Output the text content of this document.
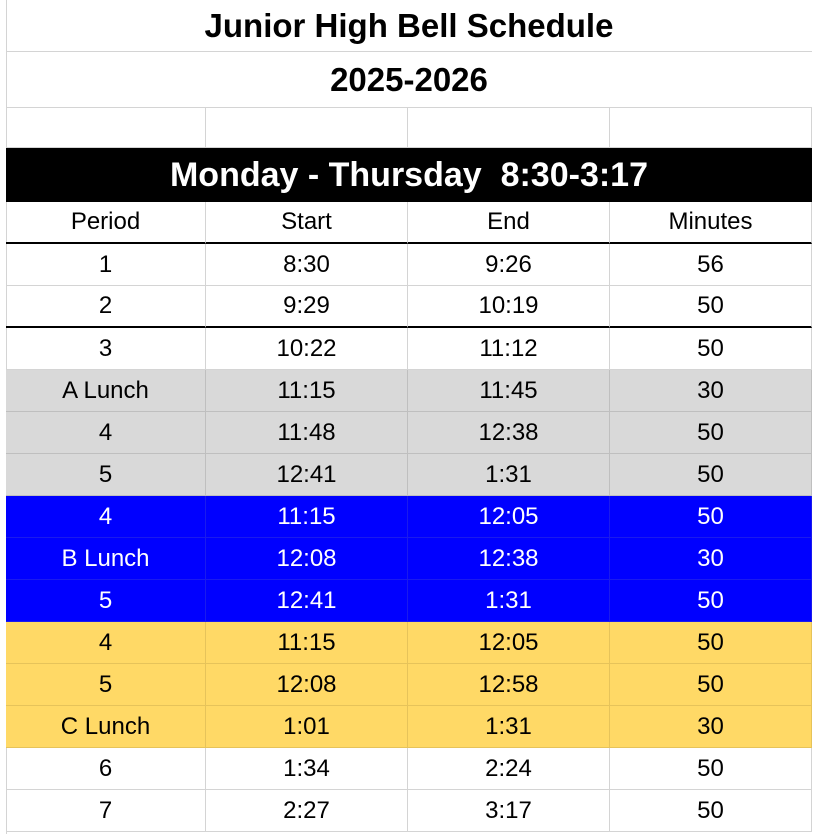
Junior High Bell Schedule
2025-2026
Monday - Thursday  8:30-3:17
Period	Start	End	Minutes
1	8:30	9:26	56
2	9:29	10:19	50
3	10:22	11:12	50
A Lunch	11:15	11:45	30
4	11:48	12:38	50
5	12:41	1:31	50
4	11:15	12:05	50
B Lunch	12:08	12:38	30
5	12:41	1:31	50
4	11:15	12:05	50
5	12:08	12:58	50
C Lunch	1:01	1:31	30
6	1:34	2:24	50
7	2:27	3:17	50
